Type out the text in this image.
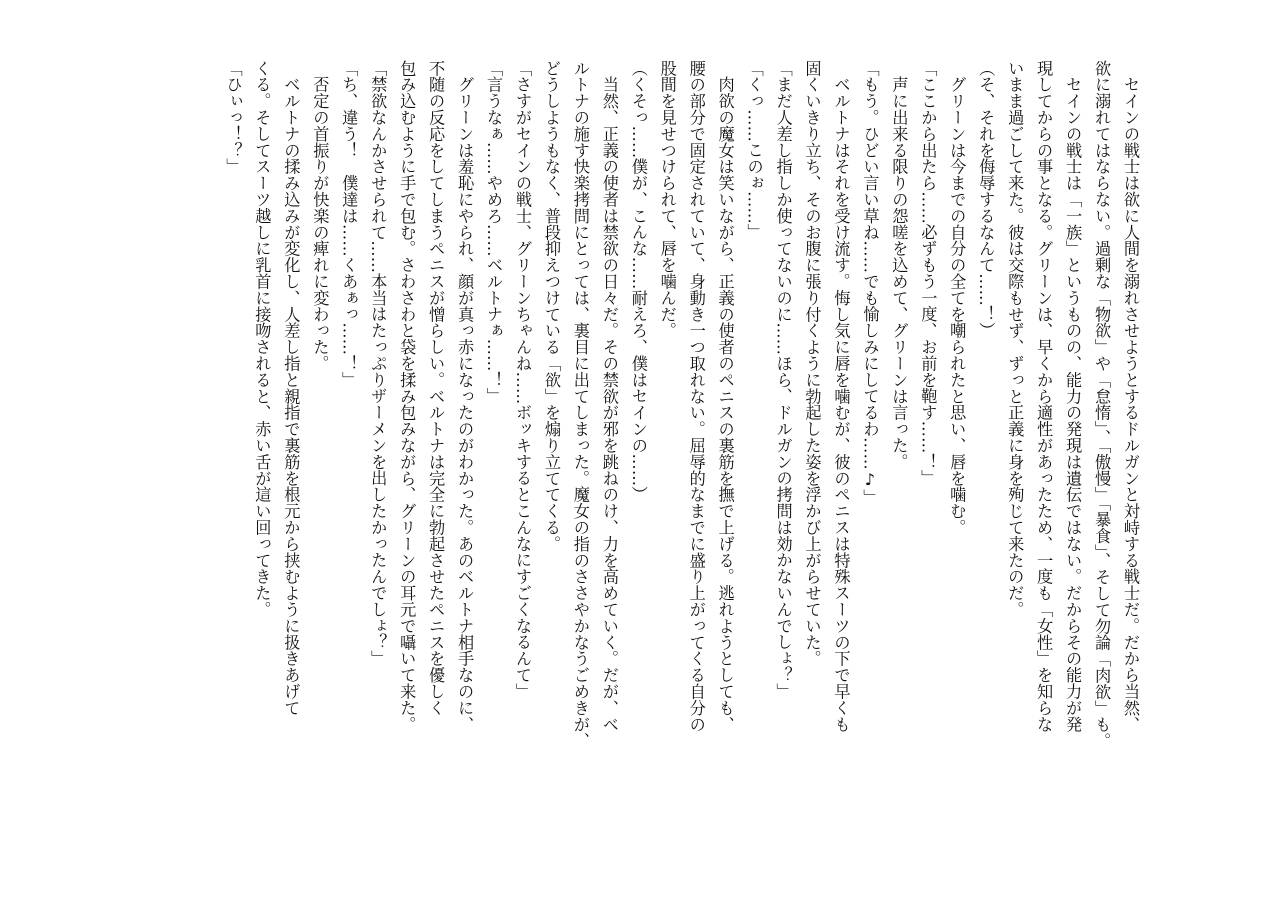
　セインの戦士は欲に人間を溺れさせようとするドルガンと対峙する戦士だ。だから当然、
欲に溺れてはならない。過剰な「物欲」や「怠惰」、「傲慢」「暴食」、そして勿論「肉欲」も。
　セインの戦士は「一族」というものの、能力の発現は遺伝ではない。だからその能力が発
現してからの事となる。グリーンは、早くから適性があったため、一度も「女性」を知らな
いまま過ごして来た。彼は交際もせず、ずっと正義に身を殉じて来たのだ。
（そ、それを侮辱するなんて……！）
　グリーンは今までの自分の全てを嘲られたと思い、唇を噛む。
「ここから出たら……必ずもう一度、お前を鞄す……！」
　声に出来る限りの怨嗟を込めて、グリーンは言った。
「もう。ひどい言い草ね……でも愉しみにしてるわ……♪」
　ベルトナはそれを受け流す。悔し気に唇を噛むが、彼のペニスは特殊スーツの下で早くも
固くいきり立ち、そのお腹に張り付くように勃起した姿を浮かび上がらせていた。
「まだ人差し指しか使ってないのに……ほら、ドルガンの拷問は効かないんでしょ？」
「くっ……このぉ……」
　肉欲の魔女は笑いながら、正義の使者のペニスの裏筋を撫で上げる。逃れようとしても、
腰の部分で固定されていて、身動き一つ取れない。屈辱的なまでに盛り上がってくる自分の
股間を見せつけられて、唇を噛んだ。
（くそっ……僕が、こんな……耐えろ、僕はセインの……）
　当然、正義の使者は禁欲の日々だ。その禁欲が邪を跳ねのけ、力を高めていく。だが、ベ
ルトナの施す快楽拷問にとっては、裏目に出てしまった。魔女の指のささやかなうごめきが、
どうしようもなく、普段抑えつけている「欲」を煽り立ててくる。
「さすがセインの戦士、グリーンちゃんね……ボッキするとこんなにすごくなるんて」
「言うなぁ……やめろ……ベルトナぁ……！」
　グリーンは羞恥にやられ、顔が真っ赤になったのがわかった。あのベルトナ相手なのに、
不随の反応をしてしまうペニスが憎らしい。ベルトナは完全に勃起させたペニスを優しく
包み込むように手で包む。さわさわと袋を揉み包みながら、グリーンの耳元で囁いて来た。
「禁欲なんかさせられて……本当はたっぷりザーメンを出したかったんでしょ？」
「ち、違う！　僕達は……くあぁっ……！」
　否定の首振りが快楽の痺れに変わった。
　ベルトナの揉み込みが変化し、人差し指と親指で裏筋を根元から挟むように扱きあげて
くる。そしてスーツ越しに乳首に接吻されると、赤い舌が這い回ってきた。
「ひぃっ！？」
